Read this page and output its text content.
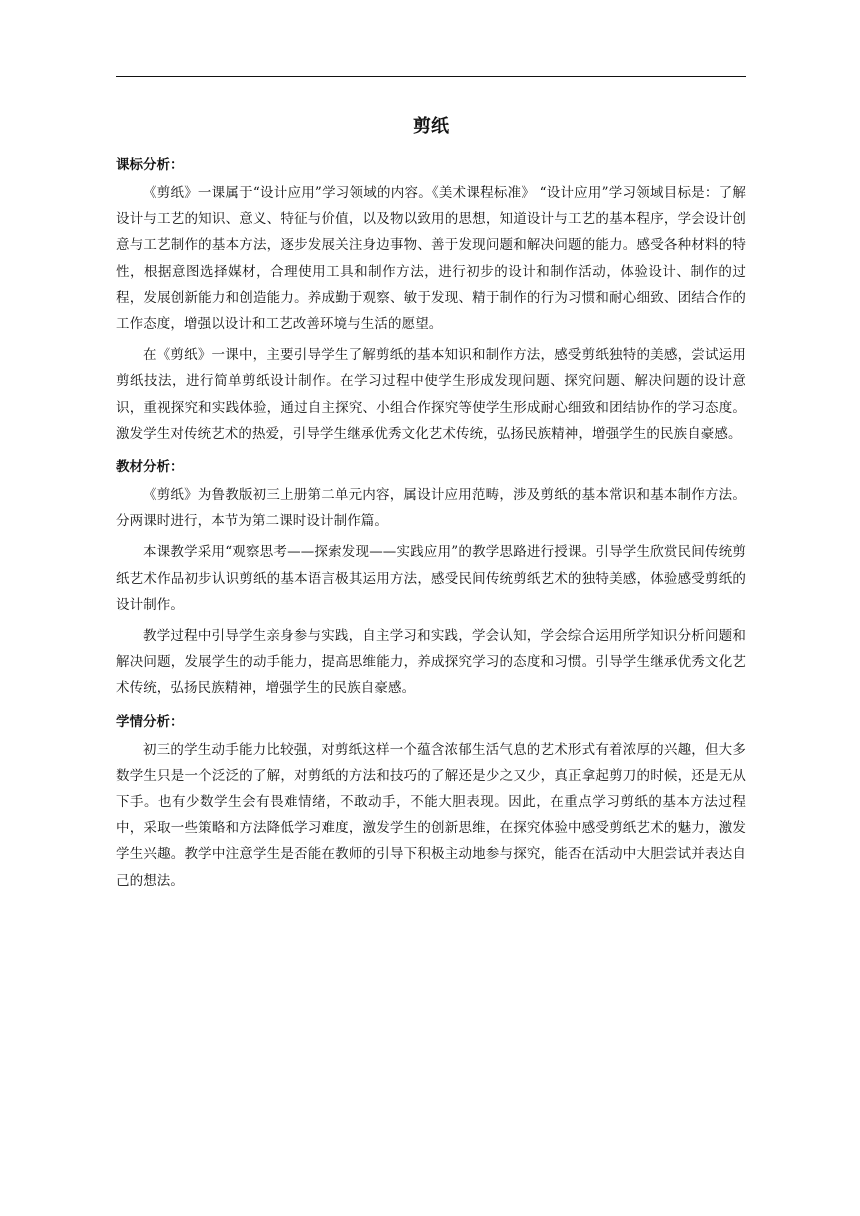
剪纸

课标分析：

《剪纸》一课属于“设计应用”学习领域的内容。《美术课程标准》 “设计应用”学习领域目标是：了解设计与工艺的知识、意义、特征与价值，以及物以致用的思想，知道设计与工艺的基本程序，学会设计创意与工艺制作的基本方法，逐步发展关注身边事物、善于发现问题和解决问题的能力。感受各种材料的特性，根据意图选择媒材，合理使用工具和制作方法，进行初步的设计和制作活动，体验设计、制作的过程，发展创新能力和创造能力。养成勤于观察、敏于发现、精于制作的行为习惯和耐心细致、团结合作的工作态度，增强以设计和工艺改善环境与生活的愿望。

在《剪纸》一课中，主要引导学生了解剪纸的基本知识和制作方法，感受剪纸独特的美感，尝试运用剪纸技法，进行简单剪纸设计制作。在学习过程中使学生形成发现问题、探究问题、解决问题的设计意识，重视探究和实践体验，通过自主探究、小组合作探究等使学生形成耐心细致和团结协作的学习态度。激发学生对传统艺术的热爱，引导学生继承优秀文化艺术传统，弘扬民族精神，增强学生的民族自豪感。

教材分析：

《剪纸》为鲁教版初三上册第二单元内容，属设计应用范畴，涉及剪纸的基本常识和基本制作方法。分两课时进行，本节为第二课时设计制作篇。

本课教学采用“观察思考——探索发现——实践应用”的教学思路进行授课。引导学生欣赏民间传统剪纸艺术作品初步认识剪纸的基本语言极其运用方法，感受民间传统剪纸艺术的独特美感，体验感受剪纸的设计制作。

教学过程中引导学生亲身参与实践，自主学习和实践，学会认知，学会综合运用所学知识分析问题和解决问题，发展学生的动手能力，提高思维能力，养成探究学习的态度和习惯。引导学生继承优秀文化艺术传统，弘扬民族精神，增强学生的民族自豪感。

学情分析：

初三的学生动手能力比较强，对剪纸这样一个蕴含浓郁生活气息的艺术形式有着浓厚的兴趣，但大多数学生只是一个泛泛的了解，对剪纸的方法和技巧的了解还是少之又少，真正拿起剪刀的时候，还是无从下手。也有少数学生会有畏难情绪，不敢动手，不能大胆表现。因此，在重点学习剪纸的基本方法过程中，采取一些策略和方法降低学习难度，激发学生的创新思维，在探究体验中感受剪纸艺术的魅力，激发学生兴趣。教学中注意学生是否能在教师的引导下积极主动地参与探究，能否在活动中大胆尝试并表达自己的想法。
